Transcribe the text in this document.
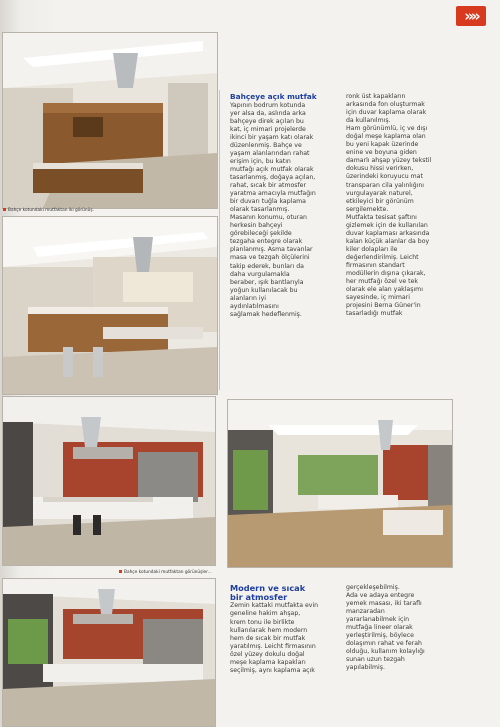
»»
Bahçe kotundaki mutfaktan iki görünüş.
Bahçe kotundaki mutfaktan görünüşler...

Bahçeye açık mutfak

Yapının bodrum kotunda

yer alsa da, aslında arka

bahçeye direk açılan bu

kat, iç mimari projelerde

ikinci bir yaşam katı olarak

düzenlenmiş. Bahçe ve

yaşam alanlarından rahat

erişim için, bu katın

mutfağı açık mutfak olarak

tasarlanmış, doğaya açılan,

rahat, sıcak bir atmosfer

yaratma amacıyla mutfağın

bir duvarı tuğla kaplama

olarak tasarlanmış.

Masanın konumu, oturan

herkesin bahçeyi

görebileceği şekilde

tezgaha entegre olarak

planlanmış. Asma tavanlar

masa ve tezgah ölçülerini

takip ederek, bunları da

daha vurgulamakla

beraber, ışık bantlarıyla

yoğun kullanılacak bu

alanların iyi

aydınlatılmasını

sağlamak hedeflenmiş.

ronk üst kapakların

arkasında fon oluşturmak

için duvar kaplama olarak

da kullanılmış.

Ham görünümlü, iç ve dışı

doğal meşe kaplama olan

bu yeni kapak üzerinde

enine ve boyuna giden

damarlı ahşap yüzey tekstil

dokusu hissi verirken,

üzerindeki koruyucu mat

transparan cila yalınlığını

vurgulayarak naturel,

etkileyici bir görünüm

sergilemekte.

Mutfakta tesisat şaftını

gizlemek için de kullanılan

duvar kaplaması arkasında

kalan küçük alanlar da boy

kiler dolapları ile

değerlendirilmiş. Leicht

firmasının standart

modüllerin dışına çıkarak,

her mutfağı özel ve tek

olarak ele alan yaklaşımı

sayesinde, iç mimari

projesini Berna Güner'in

tasarladığı mutfak

Modern ve sıcak

bir atmosfer

Zemin kattaki mutfakta evin

geneline hakim ahşap,

krem tonu ile birlikte

kullanılarak hem modern

hem de sıcak bir mutfak

yaratılmış. Leicht firmasının

özel yüzey dokulu doğal

meşe kaplama kapakları

seçilmiş, aynı kaplama açık

gerçekleşebilmiş.

Ada ve adaya entegre

yemek masası, iki taraflı

manzaradan

yararlanabilmek için

mutfağa lineer olarak

yerleştirilmiş, böylece

dolaşımın rahat ve ferah

olduğu, kullanım kolaylığı

sunan uzun tezgah

yapılabilmiş.
